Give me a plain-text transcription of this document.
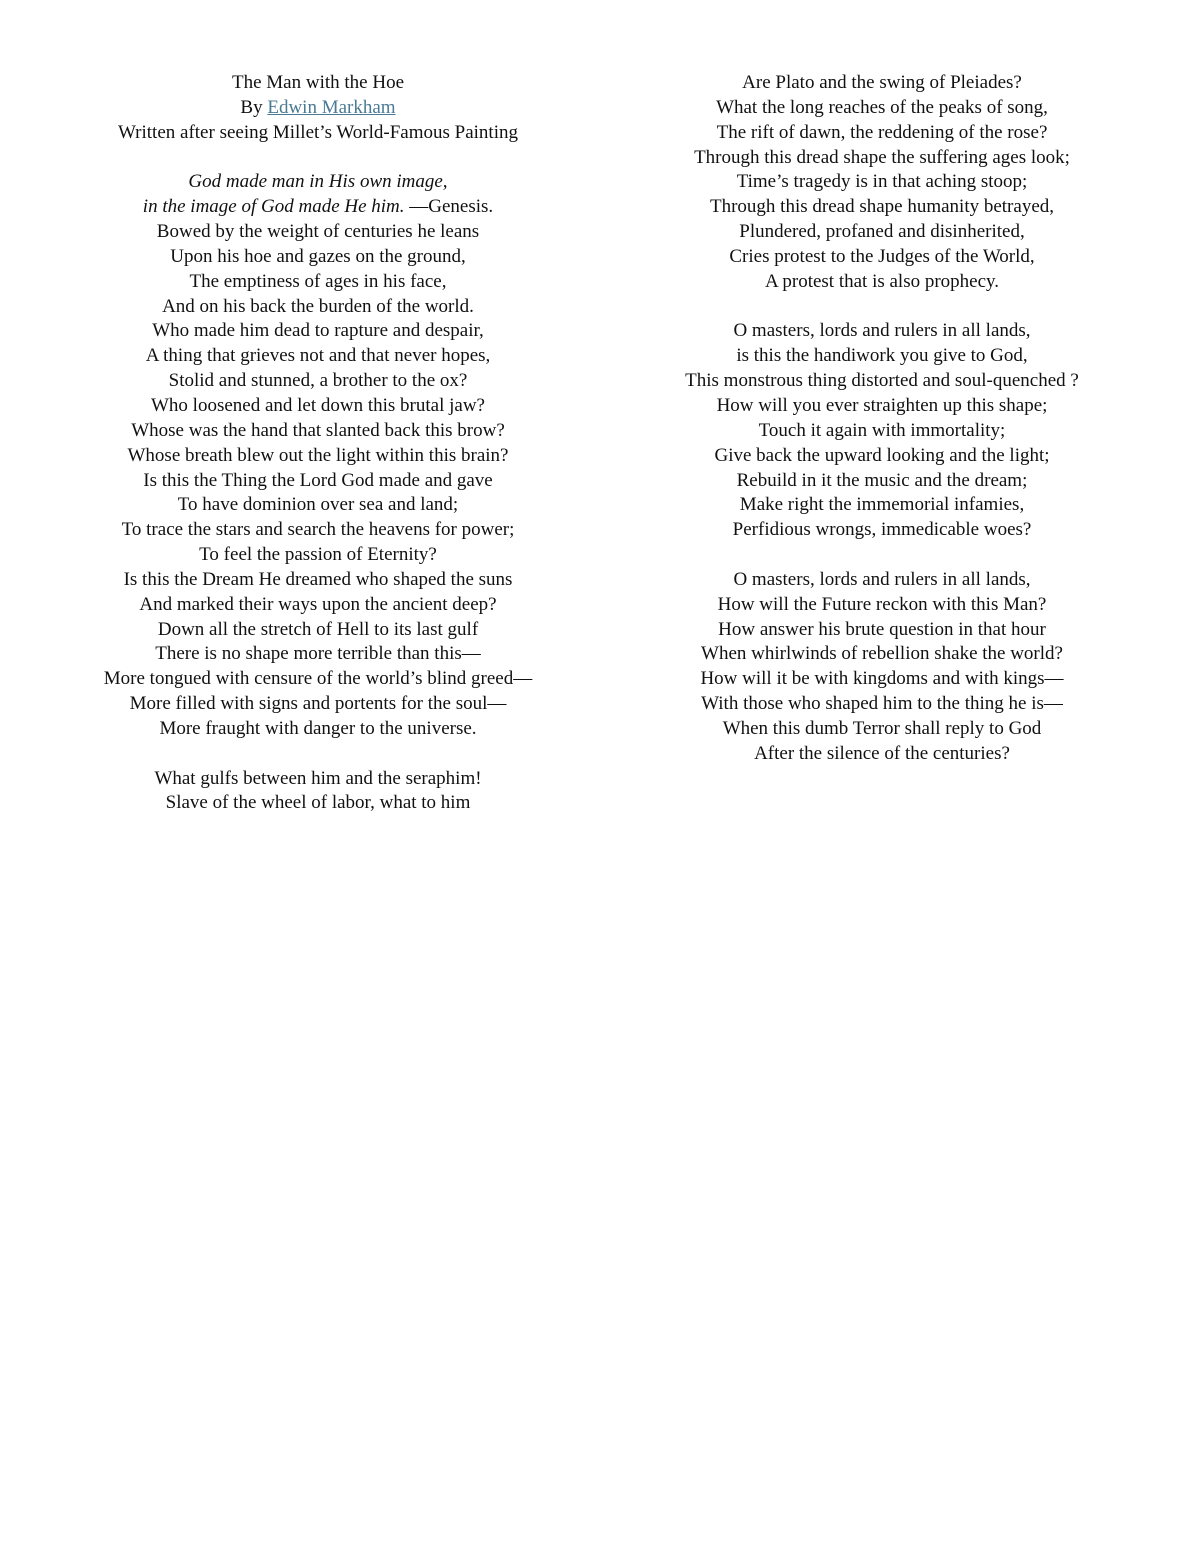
The Man with the Hoe
By Edwin Markham
Written after seeing Millet’s World-Famous Painting
God made man in His own image,
in the image of God made He him. —Genesis.
Bowed by the weight of centuries he leans
Upon his hoe and gazes on the ground,
The emptiness of ages in his face,
And on his back the burden of the world.
Who made him dead to rapture and despair,
A thing that grieves not and that never hopes,
Stolid and stunned, a brother to the ox?
Who loosened and let down this brutal jaw?
Whose was the hand that slanted back this brow?
Whose breath blew out the light within this brain?
Is this the Thing the Lord God made and gave
To have dominion over sea and land;
To trace the stars and search the heavens for power;
To feel the passion of Eternity?
Is this the Dream He dreamed who shaped the suns
And marked their ways upon the ancient deep?
Down all the stretch of Hell to its last gulf
There is no shape more terrible than this—
More tongued with censure of the world’s blind greed—
More filled with signs and portents for the soul—
More fraught with danger to the universe.
What gulfs between him and the seraphim!
Slave of the wheel of labor, what to him
Are Plato and the swing of Pleiades?
What the long reaches of the peaks of song,
The rift of dawn, the reddening of the rose?
Through this dread shape the suffering ages look;
Time’s tragedy is in that aching stoop;
Through this dread shape humanity betrayed,
Plundered, profaned and disinherited,
Cries protest to the Judges of the World,
A protest that is also prophecy.
O masters, lords and rulers in all lands,
is this the handiwork you give to God,
This monstrous thing distorted and soul-quenched ?
How will you ever straighten up this shape;
Touch it again with immortality;
Give back the upward looking and the light;
Rebuild in it the music and the dream;
Make right the immemorial infamies,
Perfidious wrongs, immedicable woes?
O masters, lords and rulers in all lands,
How will the Future reckon with this Man?
How answer his brute question in that hour
When whirlwinds of rebellion shake the world?
How will it be with kingdoms and with kings—
With those who shaped him to the thing he is—
When this dumb Terror shall reply to God
After the silence of the centuries?
